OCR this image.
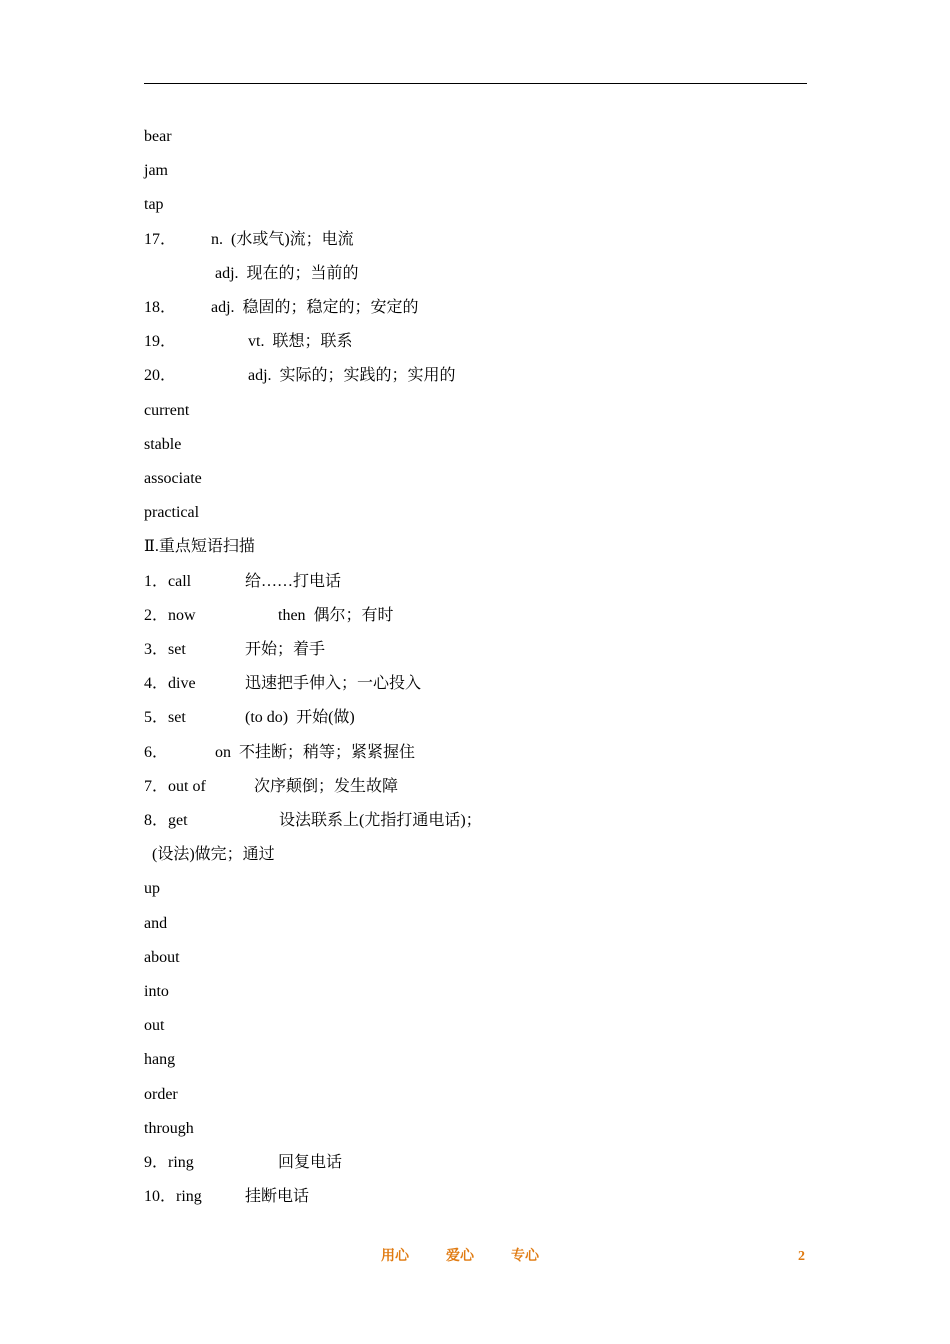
bear
jam
tap
17． n.  (水或气)流；电流
adj.  现在的；当前的
18． adj.  稳固的；稳定的；安定的
19．	vt.  联想；联系
20．	adj.  实际的；实践的；实用的
current
stable
associate
practical
Ⅱ.重点短语扫描
1．call	给……打电话
2．now	then  偶尔；有时
3．set	开始；着手
4．dive	迅速把手伸入；一心投入
5．set	(to do)  开始(做)
6．	on  不挂断；稍等；紧紧握住
7．out of	次序颠倒；发生故障
8．get	设法联系上(尤指打通电话)；
(设法)做完；通过
up
and
about
into
out
hang
order
through
9．ring	回复电话
10．ring	挂断电话
用心	爱心	专心	2
